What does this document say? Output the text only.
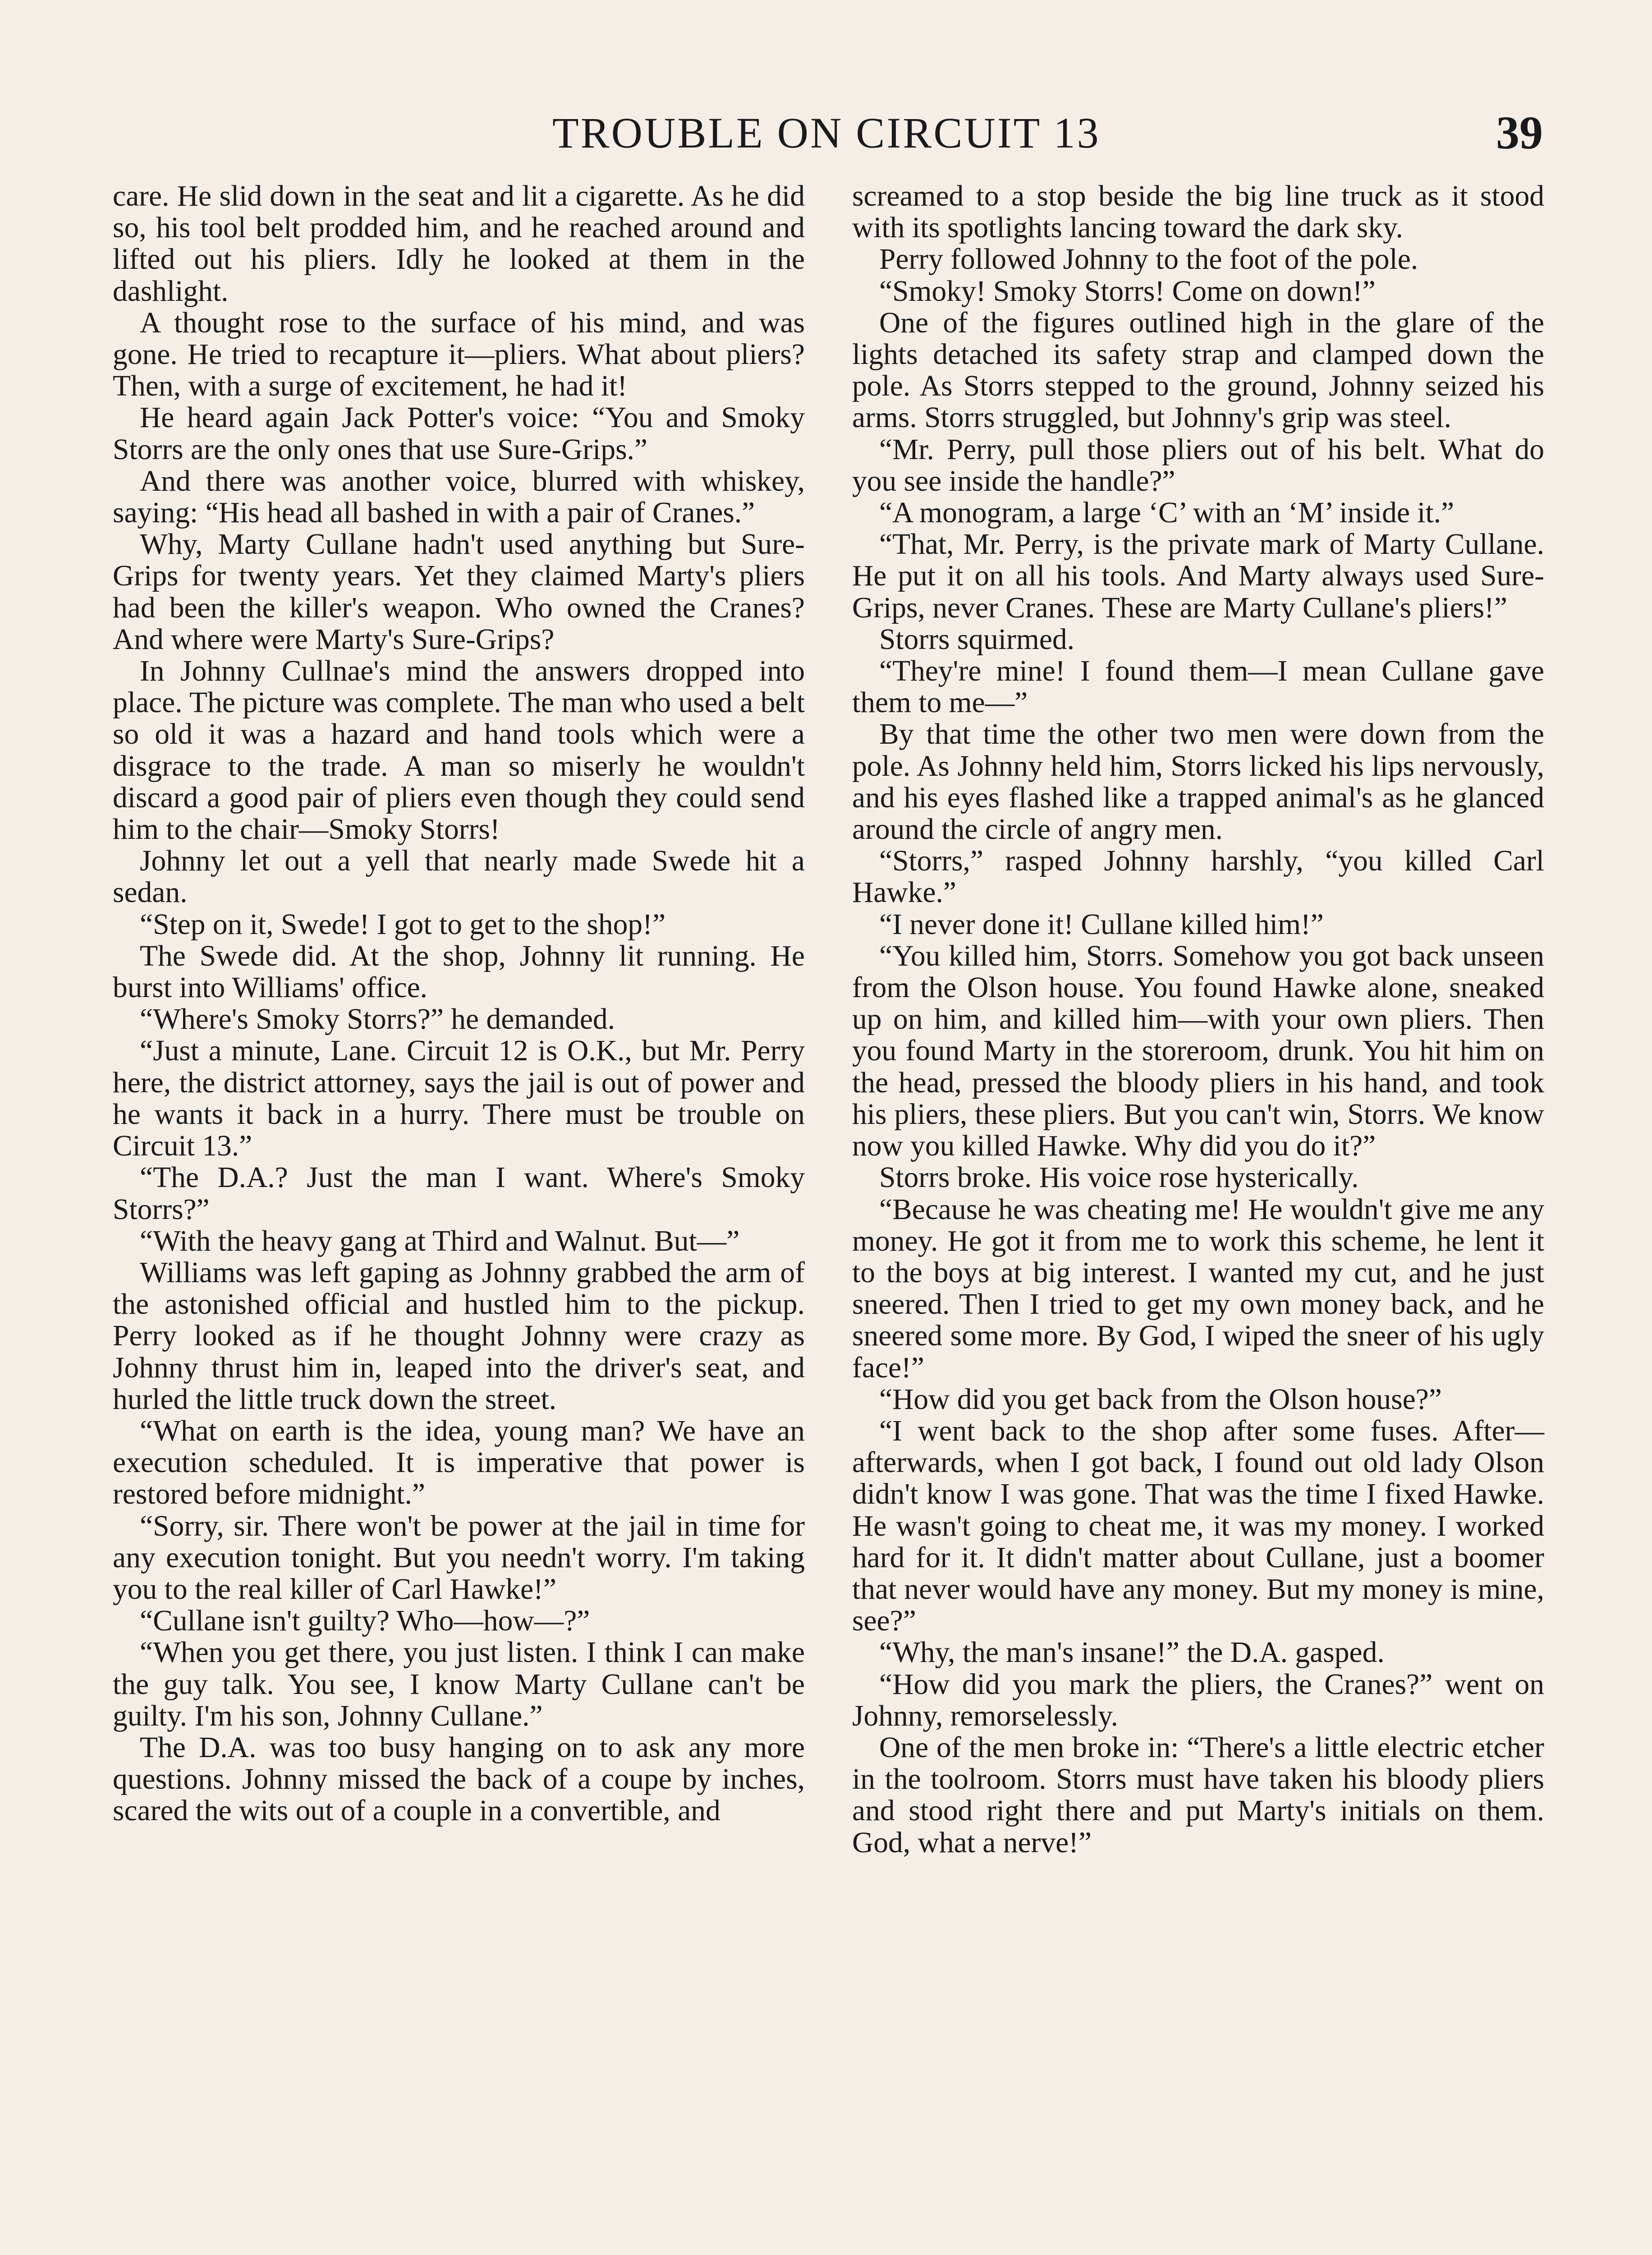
TROUBLE ON CIRCUIT 13	39

care. He slid down in the seat and lit a cigarette. As he did so, his tool belt prodded him, and he reached around and lifted out his pliers. Idly he looked at them in the dashlight.

A thought rose to the surface of his mind, and was gone. He tried to recapture it—pliers. What about pliers? Then, with a surge of excitement, he had it!

He heard again Jack Potter's voice: “You and Smoky Storrs are the only ones that use Sure-Grips.”

And there was another voice, blurred with whiskey, saying: “His head all bashed in with a pair of Cranes.”

Why, Marty Cullane hadn't used anything but Sure-Grips for twenty years. Yet they claimed Marty's pliers had been the killer's weapon. Who owned the Cranes? And where were Marty's Sure-Grips?

In Johnny Cullnae's mind the answers dropped into place. The picture was complete. The man who used a belt so old it was a hazard and hand tools which were a disgrace to the trade. A man so miserly he wouldn't discard a good pair of pliers even though they could send him to the chair—Smoky Storrs!

Johnny let out a yell that nearly made Swede hit a sedan.

“Step on it, Swede! I got to get to the shop!”

The Swede did. At the shop, Johnny lit running. He burst into Williams' office.

“Where's Smoky Storrs?” he demanded.

“Just a minute, Lane. Circuit 12 is O.K., but Mr. Perry here, the district attorney, says the jail is out of power and he wants it back in a hurry. There must be trouble on Circuit 13.”

“The D.A.? Just the man I want. Where's Smoky Storrs?”

“With the heavy gang at Third and Walnut. But—”

Williams was left gaping as Johnny grabbed the arm of the astonished official and hustled him to the pickup. Perry looked as if he thought Johnny were crazy as Johnny thrust him in, leaped into the driver's seat, and hurled the little truck down the street.

“What on earth is the idea, young man? We have an execution scheduled. It is imperative that power is restored before midnight.”

“Sorry, sir. There won't be power at the jail in time for any execution tonight. But you needn't worry. I'm taking you to the real killer of Carl Hawke!”

“Cullane isn't guilty? Who—how—?”

“When you get there, you just listen. I think I can make the guy talk. You see, I know Marty Cullane can't be guilty. I'm his son, Johnny Cullane.”

The D.A. was too busy hanging on to ask any more questions. Johnny missed the back of a coupe by inches, scared the wits out of a couple in a convertible, and

screamed to a stop beside the big line truck as it stood with its spotlights lancing toward the dark sky.

Perry followed Johnny to the foot of the pole.

“Smoky! Smoky Storrs! Come on down!”

One of the figures outlined high in the glare of the lights detached its safety strap and clamped down the pole. As Storrs stepped to the ground, Johnny seized his arms. Storrs struggled, but Johnny's grip was steel.

“Mr. Perry, pull those pliers out of his belt. What do you see inside the handle?”

“A monogram, a large ‘C’ with an ‘M’ inside it.”

“That, Mr. Perry, is the private mark of Marty Cullane. He put it on all his tools. And Marty always used Sure-Grips, never Cranes. These are Marty Cullane's pliers!”

Storrs squirmed.

“They're mine! I found them—I mean Cullane gave them to me—”

By that time the other two men were down from the pole. As Johnny held him, Storrs licked his lips nervously, and his eyes flashed like a trapped animal's as he glanced around the circle of angry men.

“Storrs,” rasped Johnny harshly, “you killed Carl Hawke.”

“I never done it! Cullane killed him!”

“You killed him, Storrs. Somehow you got back unseen from the Olson house. You found Hawke alone, sneaked up on him, and killed him—with your own pliers. Then you found Marty in the storeroom, drunk. You hit him on the head, pressed the bloody pliers in his hand, and took his pliers, these pliers. But you can't win, Storrs. We know now you killed Hawke. Why did you do it?”

Storrs broke. His voice rose hysterically.

“Because he was cheating me! He wouldn't give me any money. He got it from me to work this scheme, he lent it to the boys at big interest. I wanted my cut, and he just sneered. Then I tried to get my own money back, and he sneered some more. By God, I wiped the sneer of his ugly face!”

“How did you get back from the Olson house?”

“I went back to the shop after some fuses. After—afterwards, when I got back, I found out old lady Olson didn't know I was gone. That was the time I fixed Hawke. He wasn't going to cheat me, it was my money. I worked hard for it. It didn't matter about Cullane, just a boomer that never would have any money. But my money is mine, see?”

“Why, the man's insane!” the D.A. gasped.

“How did you mark the pliers, the Cranes?” went on Johnny, remorselessly.

One of the men broke in: “There's a little electric etcher in the toolroom. Storrs must have taken his bloody pliers and stood right there and put Marty's initials on them. God, what a nerve!”
